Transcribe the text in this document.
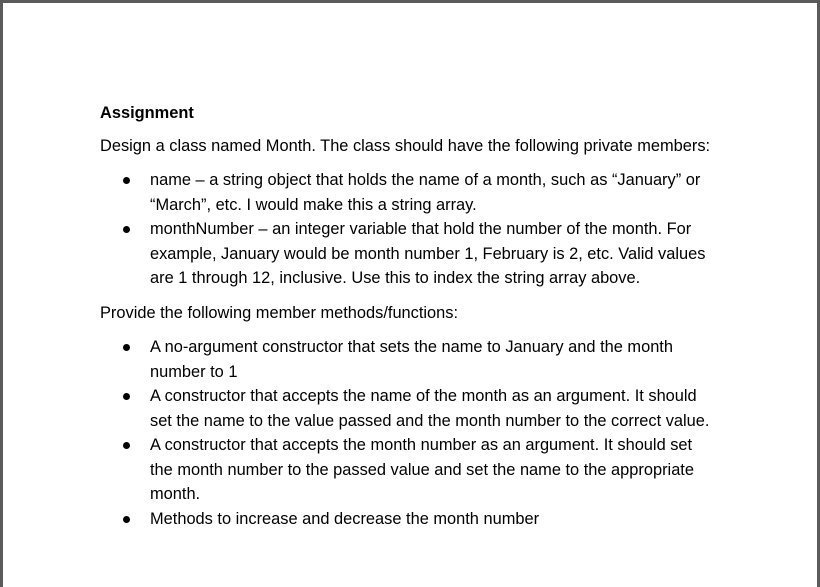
Assignment

Design a class named Month. The class should have the following private members:

name – a string object that holds the name of a month, such as “January” or “March”, etc. I would make this a string array.
monthNumber – an integer variable that hold the number of the month. For example, January would be month number 1, February is 2, etc. Valid values are 1 through 12, inclusive. Use this to index the string array above.

Provide the following member methods/functions:

A no-argument constructor that sets the name to January and the month number to 1
A constructor that accepts the name of the month as an argument. It should set the name to the value passed and the month number to the correct value.
A constructor that accepts the month number as an argument. It should set the month number to the passed value and set the name to the appropriate month.
Methods to increase and decrease the month number
